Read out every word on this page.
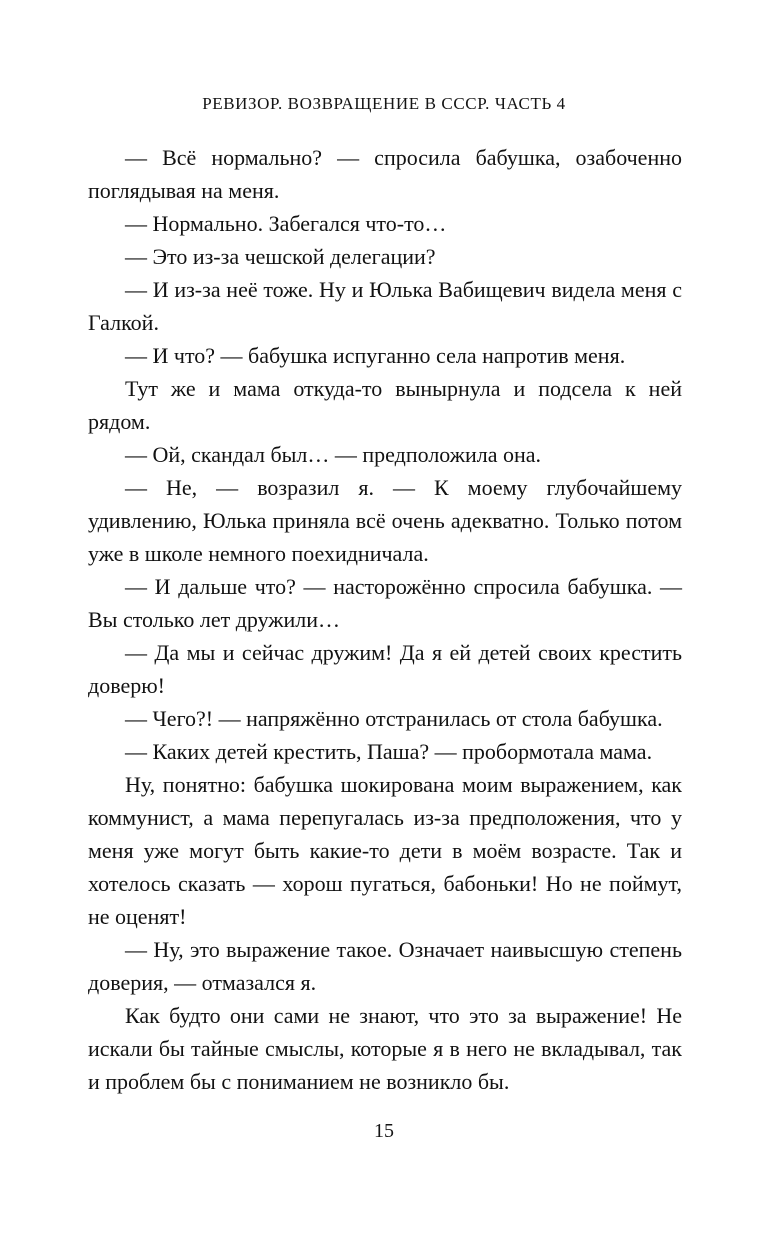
РЕВИЗОР. ВОЗВРАЩЕНИЕ В СССР. ЧАСТЬ 4

— Всё нормально? — спросила бабушка, озабоченно поглядывая на меня.

— Нормально. Забегался что-то…

— Это из-за чешской делегации?

— И из-за неё тоже. Ну и Юлька Вабищевич видела меня с Галкой.

— И что? — бабушка испуганно села напротив меня.

Тут же и мама откуда-то вынырнула и подсела к ней рядом.

— Ой, скандал был… — предположила она.

— Не, — возразил я. — К моему глубочайшему удивлению, Юлька приняла всё очень адекватно. Только потом уже в школе немного поехидничала.

— И дальше что? — насторожённо спросила бабушка. — Вы столько лет дружили…

— Да мы и сейчас дружим! Да я ей детей своих крестить доверю!

— Чего?! — напряжённо отстранилась от стола бабушка.

— Каких детей крестить, Паша? — пробормотала мама.

Ну, понятно: бабушка шокирована моим выражением, как коммунист, а мама перепугалась из-за предположения, что у меня уже могут быть какие-то дети в моём возрасте. Так и хотелось сказать — хорош пугаться, бабоньки! Но не поймут, не оценят!

— Ну, это выражение такое. Означает наивысшую степень доверия, — отмазался я.

Как будто они сами не знают, что это за выражение! Не искали бы тайные смыслы, которые я в него не вкладывал, так и проблем бы с пониманием не возникло бы.

15
